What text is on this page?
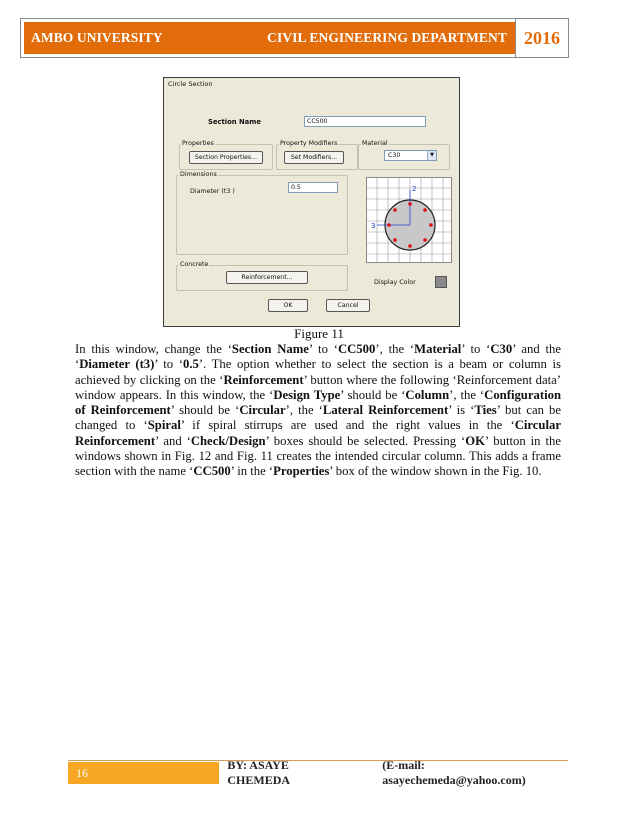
AMBO UNIVERSITY	CIVIL ENGINEERING DEPARTMENT 2016
Circle Section
Section Name	CC500
Properties
Section Properties...
Property Modifiers
Set Modifiers...
Material
C30	▼
Dimensions
Diameter (t3 )
0.5	2
3
Concrete
Reinforcement...
Display Color
OK	Cancel
Figure 11
In this window, change the ‘Section Name’ to ‘CC500’, the ‘Material’ to ‘C30’ and the ‘Diameter (t3)’ to ‘0.5’. The option whether to select the section is a beam or column is achieved by clicking on the ‘Reinforcement’ button where the following ‘Reinforcement data’ window appears. In this window, the ‘Design Type’ should be ‘Column’, the ‘Configuration of Reinforcement’ should be ‘Circular’, the ‘Lateral Reinforcement’ is ‘Ties’ but can be changed to ‘Spiral’ if spiral stirrups are used and the right values in the ‘Circular Reinforcement’ and ‘Check/Design’ boxes should be selected. Pressing ‘OK’ button in the windows shown in Fig. 12 and Fig. 11 creates the intended circular column. This adds a frame section with the name ‘CC500’ in the ‘Properties’ box of the window shown in the Fig. 10.
16
BY: ASAYE CHEMEDA
(E-mail: asayechemeda@yahoo.com)
